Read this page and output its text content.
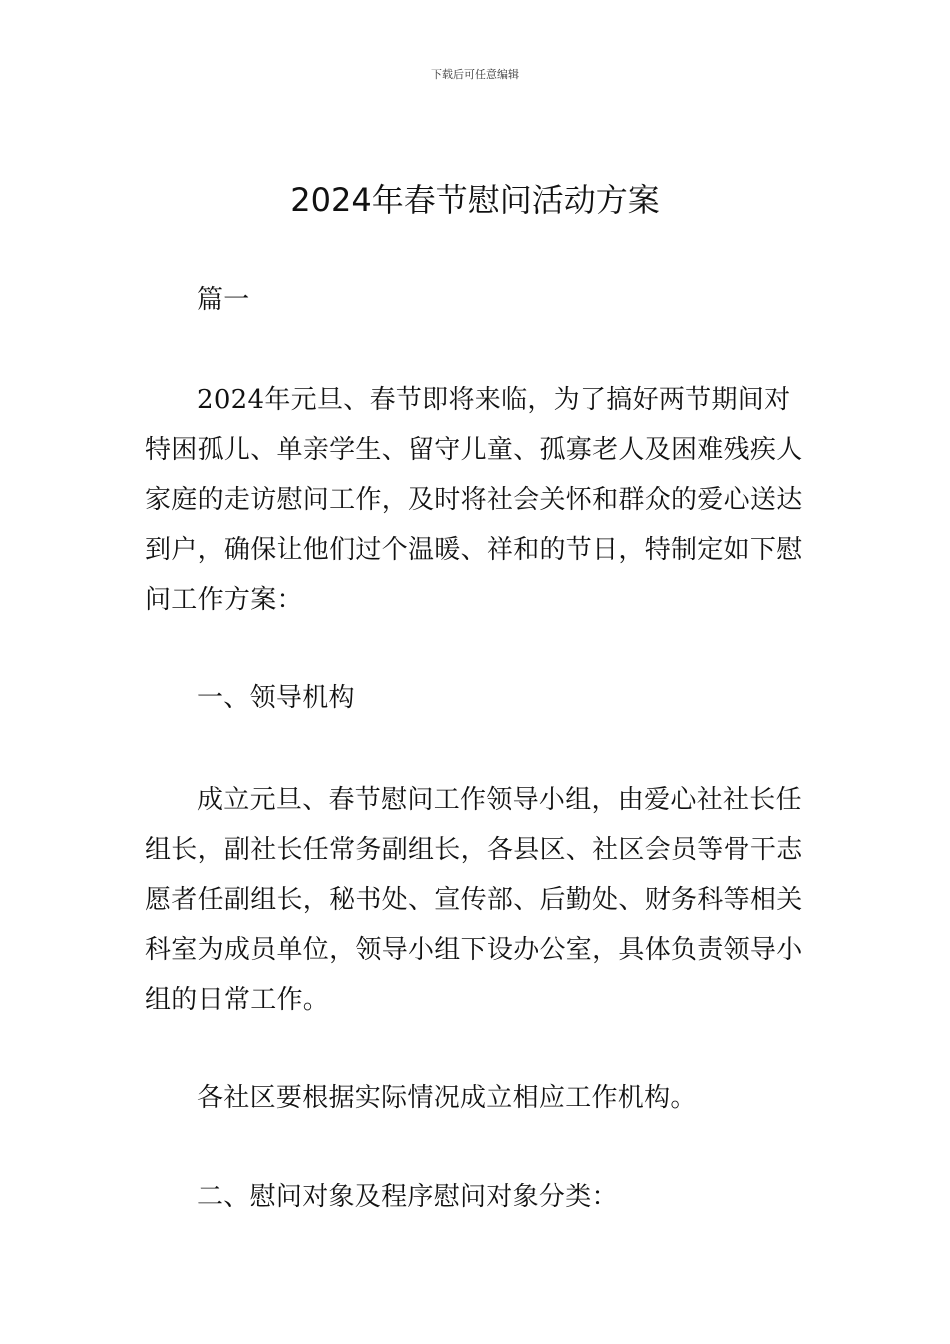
下载后可任意编辑
2024年春节慰问活动方案

篇一

2024年元旦、春节即将来临，为了搞好两节期间对特困孤儿、单亲学生、留守儿童、孤寡老人及困难残疾人家庭的走访慰问工作，及时将社会关怀和群众的爱心送达到户，确保让他们过个温暖、祥和的节日，特制定如下慰问工作方案：

一、领导机构

成立元旦、春节慰问工作领导小组，由爱心社社长任组长，副社长任常务副组长，各县区、社区会员等骨干志愿者任副组长，秘书处、宣传部、后勤处、财务科等相关科室为成员单位，领导小组下设办公室，具体负责领导小组的日常工作。

各社区要根据实际情况成立相应工作机构。

二、慰问对象及程序慰问对象分类：
